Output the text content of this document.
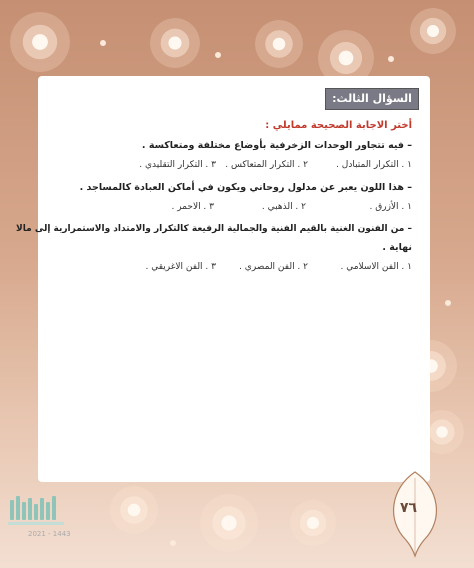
السؤال الثالث:
أختر الاجابة الصحيحة ممايلي :
– فيه تتجاور الوحدات الزخرفية بأوضاع مختلفة ومتعاكسة .
١ . التكرار المتبادل .
٢ . التكرار المتعاكس .
٣ . التكرار التقليدي .
– هذا اللون يعبر عن مدلول روحاني ويكون في أماكن العبادة كالمساجد .
١ . الأزرق .
٢ . الذهبي .
٣ . الاحمر .
– من الفنون الغنية بالقيم الفنية والجمالية الرفيعة كالتكرار والامتداد والاستمرارية إلى مالا
نهاية .
١ . الفن الاسلامي .
٢ . الفن المصري .
٣ . الفن الاغريقي .
٧٦
2021 - 1443
